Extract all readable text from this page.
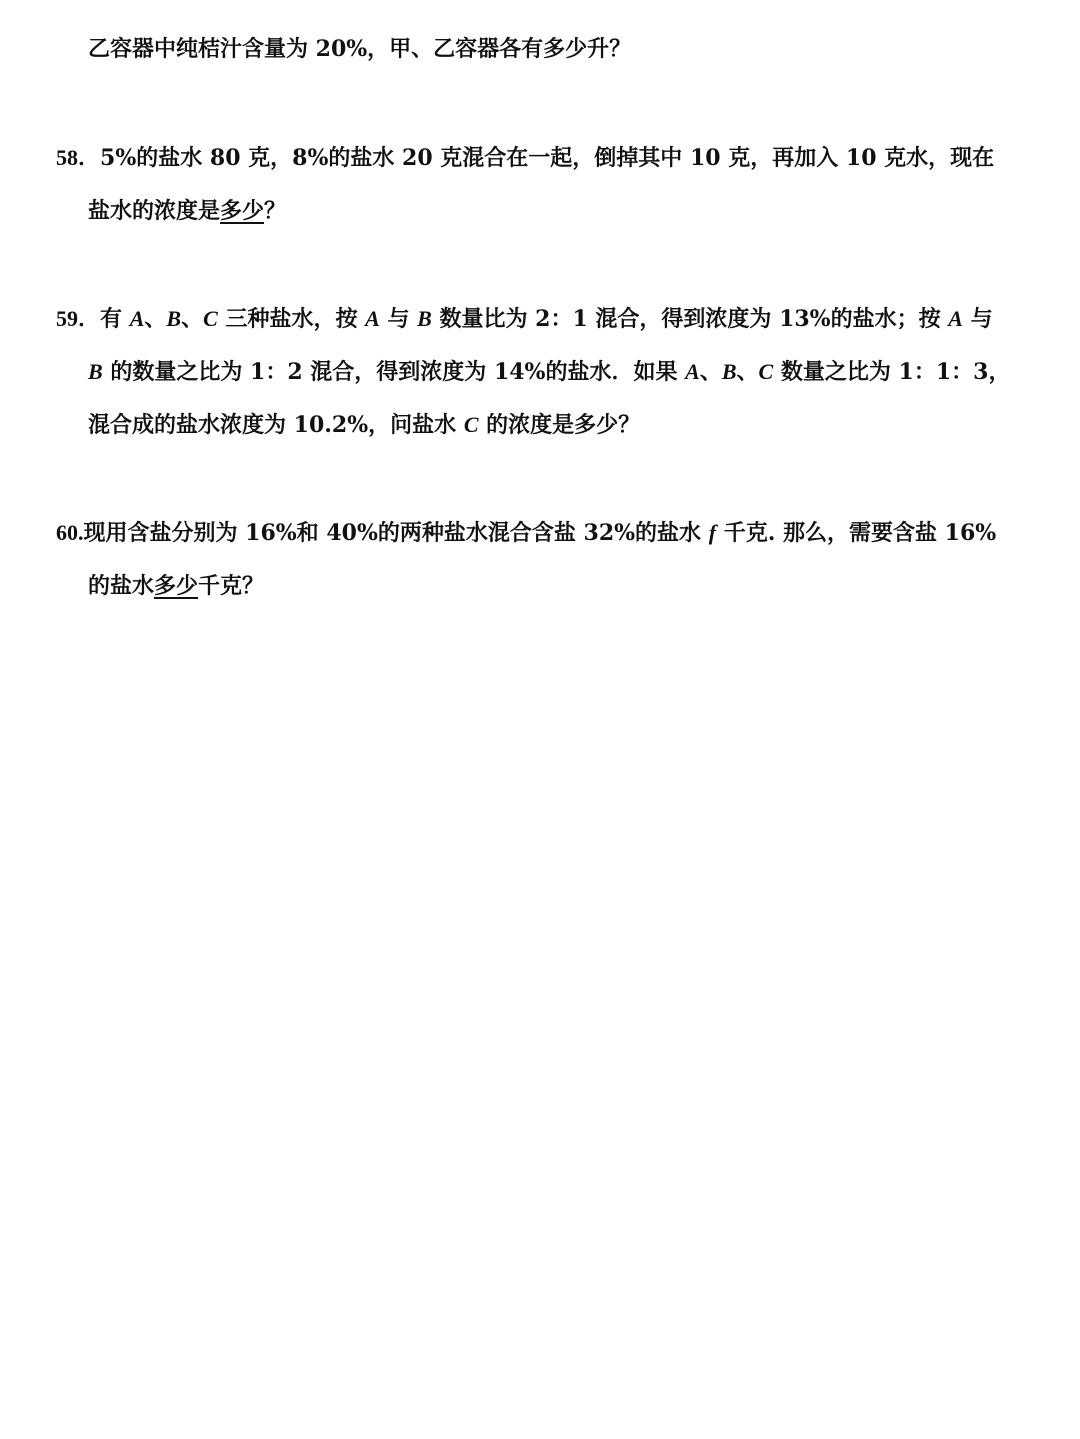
乙容器中纯桔汁含量为 20%，甲、乙容器各有多少升？
58．5%的盐水 80 克，8%的盐水 20 克混合在一起，倒掉其中 10 克，再加入 10 克水，现在
盐水的浓度是多少？
59．有 A、B、C 三种盐水，按 A 与 B 数量比为 2：1 混合，得到浓度为 13%的盐水；按 A 与
B 的数量之比为 1：2 混合，得到浓度为 14%的盐水．如果 A、B、C 数量之比为 1：1：3，
混合成的盐水浓度为 10.2%，问盐水 C 的浓度是多少？
60.现用含盐分别为 16%和 40%的两种盐水混合含盐 32%的盐水 f 千克. 那么，需要含盐 16%
的盐水多少千克？
